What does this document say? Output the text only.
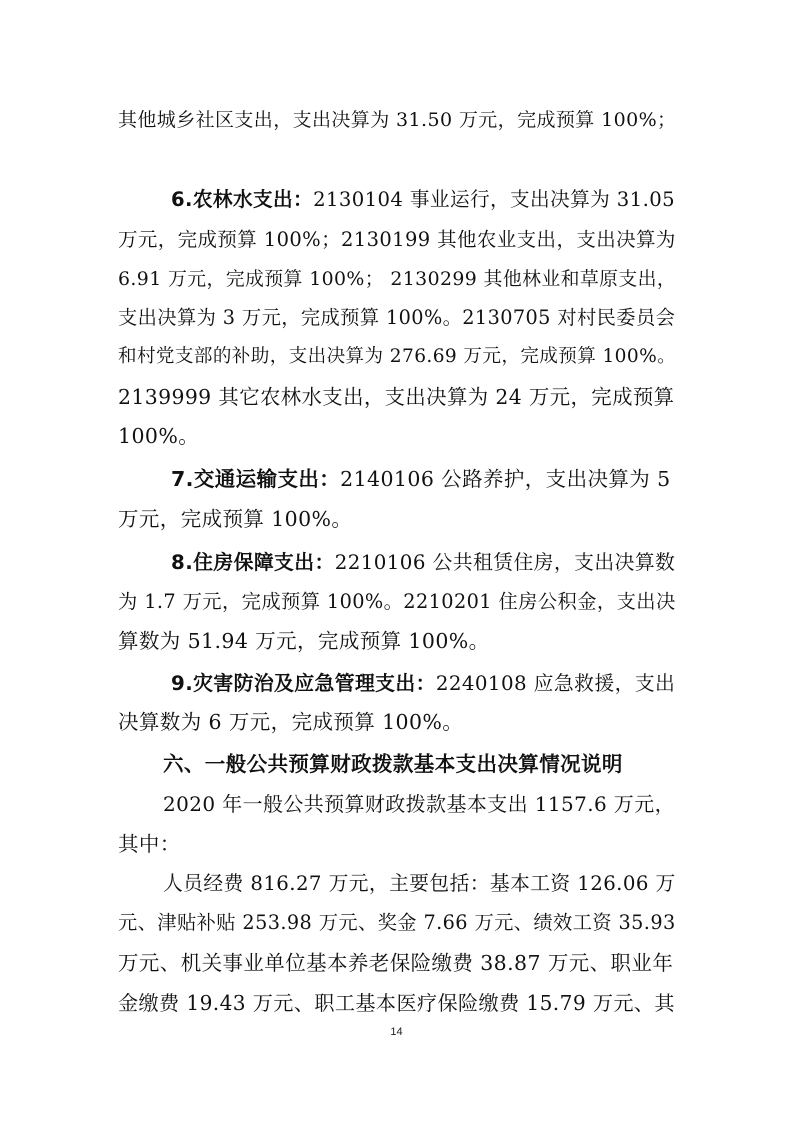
其他城乡社区支出，支出决算为 31.50 万元，完成预算 100%；
6.农林水支出：2130104 事业运行，支出决算为 31.05
万元，完成预算 100%；2130199 其他农业支出，支出决算为
6.91 万元，完成预算 100%； 2130299 其他林业和草原支出，
支出决算为 3 万元，完成预算 100%。2130705 对村民委员会
和村党支部的补助，支出决算为 276.69 万元，完成预算 100%。
2139999 其它农林水支出，支出决算为 24 万元，完成预算
100%。
7.交通运输支出：2140106 公路养护，支出决算为 5
万元，完成预算 100%。
8.住房保障支出：2210106 公共租赁住房，支出决算数
为 1.7 万元，完成预算 100%。2210201 住房公积金，支出决
算数为 51.94 万元，完成预算 100%。
9.灾害防治及应急管理支出：2240108 应急救援，支出
决算数为 6 万元，完成预算 100%。
六、一般公共预算财政拨款基本支出决算情况说明
2020 年一般公共预算财政拨款基本支出 1157.6 万元，
其中：
人员经费 816.27 万元，主要包括：基本工资 126.06 万
元、津贴补贴 253.98 万元、奖金 7.66 万元、绩效工资 35.93
万元、机关事业单位基本养老保险缴费 38.87 万元、职业年
金缴费 19.43 万元、职工基本医疗保险缴费 15.79 万元、其
14
